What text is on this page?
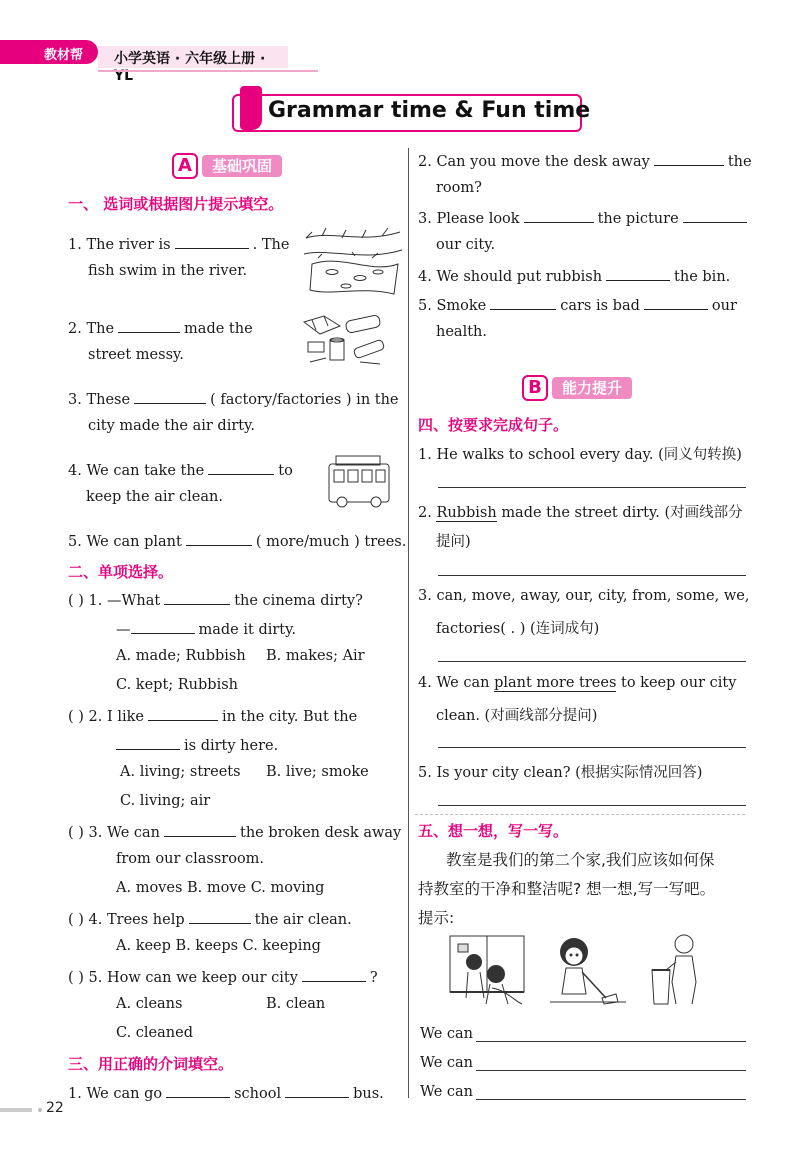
教材帮 小学英语 · 六年级上册 · YL
Grammar time & Fun time
A	基础巩固
一、 选词或根据图片提示填空。
1. The river is	. The
fish swim in the river.
2. The	made the
street messy.
3. These	( factory/factories ) in the
city made the air dirty.
4. We can take the	to
keep the air clean.
5. We can plant	( more/much ) trees.
二、单项选择。
( ) 1. —What	the cinema dirty?
—	made it dirty.
A. made; Rubbish B. makes; Air
C. kept; Rubbish
( ) 2. I like	in the city. But the
is dirty here.
A. living; streets B. live; smoke
C. living; air
( ) 3. We can	the broken desk away
from our classroom.
A. moves B. move C. moving
( ) 4. Trees help	the air clean.
A. keep B. keeps C. keeping
( ) 5. How can we keep our city	?
A. cleans	B. clean
C. cleaned
三、用正确的介词填空。
1. We can go	school	bus.
2. Can you move the desk away	the
room?
3. Please look	the picture
our city.
4. We should put rubbish	the bin.
5. Smoke	cars is bad	our
health.
B	能力提升
四、按要求完成句子。
1. He walks to school every day. (同义句转换)
2. Rubbish made the street dirty. (对画线部分
提问)
3. can, move, away, our, city, from, some, we,
factories( . ) (连词成句)
4. We can plant more trees to keep our city
clean. (对画线部分提问)
5. Is your city clean? (根据实际情况回答)
五、想一想，写一写。
教室是我们的第二个家,我们应该如何保
持教室的干净和整洁呢? 想一想,写一写吧。
提示:
We can
We can
We can
22
